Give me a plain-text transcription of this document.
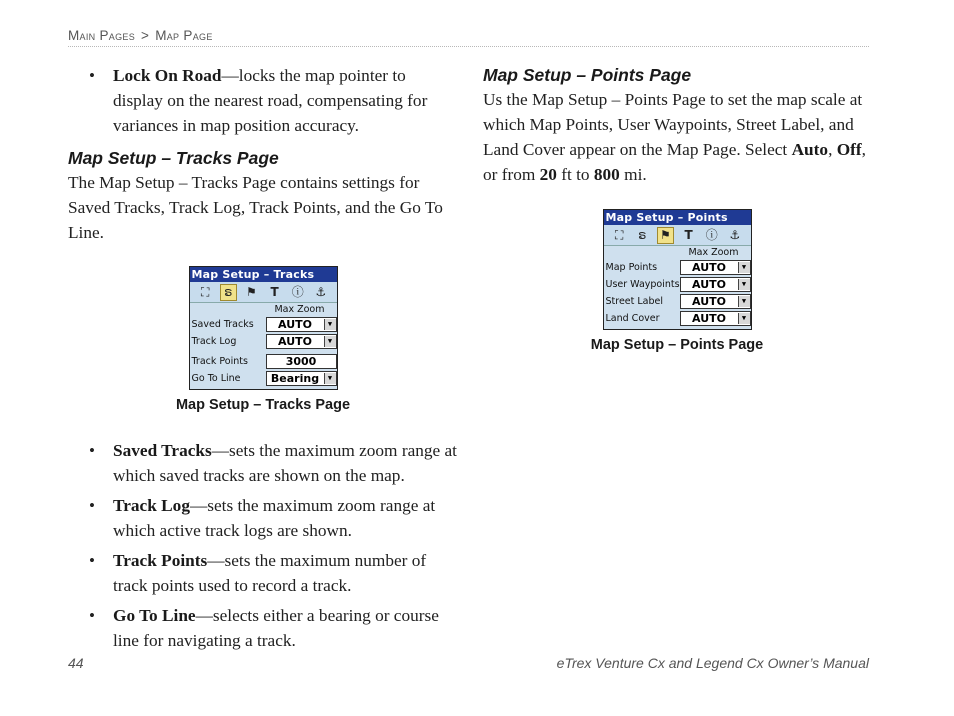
Main Pages > Map Page
• Lock On Road—locks the map pointer to display on the nearest road, compensating for variances in map position accuracy.
Map Setup – Tracks Page

The Map Setup – Tracks Page contains settings for Saved Tracks, Track Log, Track Points, and the Go To Line.

Map Setup – Tracks
⛶ ຣ ⚑ T ⓘ ⚓
Max Zoom
Saved Tracks	AUTO	▼
Track Log	AUTO	▼
Track Points	3000
Go To Line	Bearing	▼
Map Setup – Tracks Page
• Saved Tracks—sets the maximum zoom range at which saved tracks are shown on the map.
• Track Log—sets the maximum zoom range at which active track logs are shown.
• Track Points—sets the maximum number of track points used to record a track.
• Go To Line—selects either a bearing or course line for navigating a track.
Map Setup – Points Page

Us the Map Setup – Points Page to set the map scale at which Map Points, User Waypoints, Street Label, and Land Cover appear on the Map Page. Select Auto, Off, or from 20 ft to 800 mi.

Map Setup – Points
⛶ ຣ ⚑ T ⓘ ⚓
Max Zoom
Map Points	AUTO	▼
User Waypoints	AUTO	▼
Street Label	AUTO	▼
Land Cover	AUTO	▼
Map Setup – Points Page
44	eTrex Venture Cx and Legend Cx Owner’s Manual
